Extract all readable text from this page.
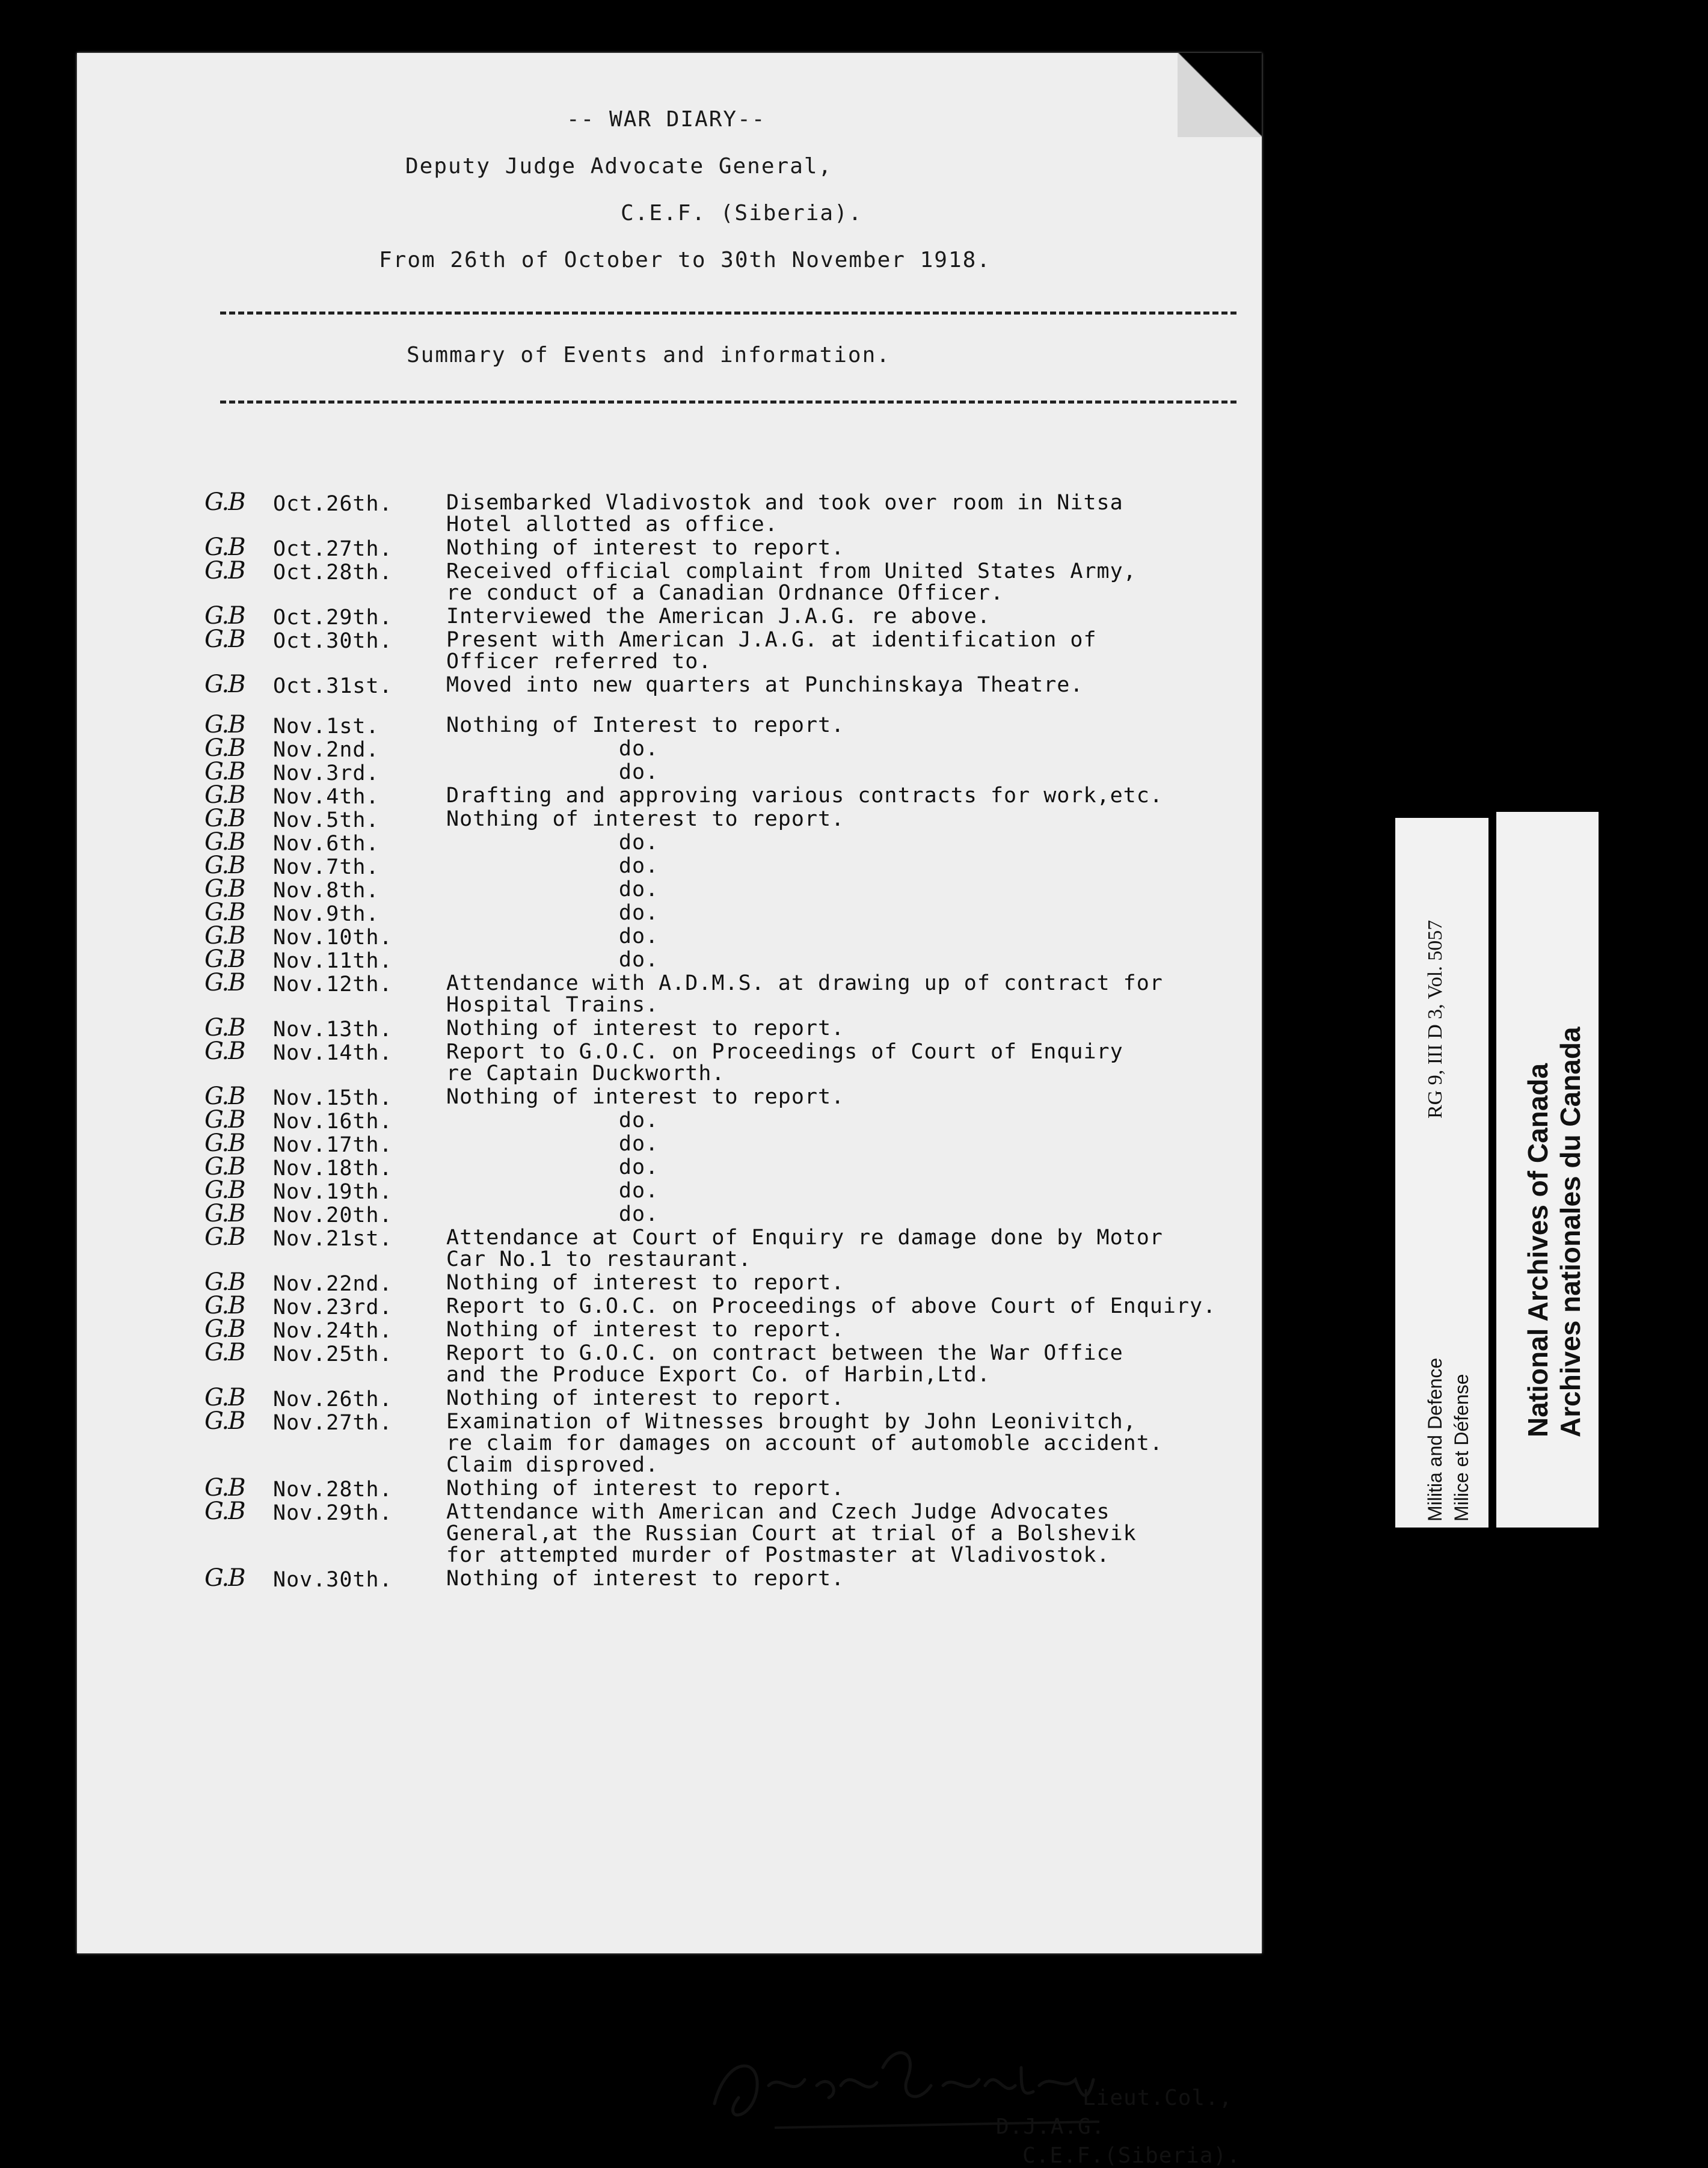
-- WAR DIARY--
Deputy Judge Advocate General,
C.E.F. (Siberia).
From 26th of October to 30th November 1918.
Summary of Events and information.
G.B Oct.26th.	Disembarked Vladivostok and took over room in Nitsa
Hotel allotted as office.
G.B Oct.27th.	Nothing of interest to report.
G.B Oct.28th.	Received official complaint from United States Army,
re conduct of a Canadian Ordnance Officer.
G.B Oct.29th.	Interviewed the American J.A.G. re above.
G.B Oct.30th.	Present with American J.A.G. at identification of
Officer referred to.
G.B Oct.31st.	Moved into new quarters at Punchinskaya Theatre.
G.B Nov.1st.	Nothing of Interest to report.
G.B Nov.2nd.	do.
G.B Nov.3rd.	do.
G.B Nov.4th.	Drafting and approving various contracts for work,etc.
G.B Nov.5th.	Nothing of interest to report.
G.B Nov.6th.	do.
G.B Nov.7th.	do.
G.B Nov.8th.	do.
G.B Nov.9th.	do.
G.B Nov.10th.	do.
G.B Nov.11th.	do.
G.B Nov.12th.	Attendance with A.D.M.S. at drawing up of contract for
Hospital Trains.
G.B Nov.13th.	Nothing of interest to report.
G.B Nov.14th.	Report to G.O.C. on Proceedings of Court of Enquiry
re Captain Duckworth.
G.B Nov.15th.	Nothing of interest to report.
G.B Nov.16th.	do.
G.B Nov.17th.	do.
G.B Nov.18th.	do.
G.B Nov.19th.	do.
G.B Nov.20th.	do.
G.B Nov.21st.	Attendance at Court of Enquiry re damage done by Motor
Car No.1 to restaurant.
G.B Nov.22nd.	Nothing of interest to report.
G.B Nov.23rd.	Report to G.O.C. on Proceedings of above Court of Enquiry.
G.B Nov.24th.	Nothing of interest to report.
G.B Nov.25th.	Report to G.O.C. on contract between the War Office
and the Produce Export Co. of Harbin,Ltd.
G.B Nov.26th.	Nothing of interest to report.
G.B Nov.27th.	Examination of Witnesses brought by John Leonivitch,
re claim for damages on account of automoble accident.
Claim disproved.
G.B Nov.28th.	Nothing of interest to report.
G.B Nov.29th.	Attendance with American and Czech Judge Advocates
General,at the Russian Court at trial of a Bolshevik
for attempted murder of Postmaster at Vladivostok.
G.B Nov.30th.	Nothing of interest to report.
Lieut.Col.,
D.J.A.G.
C.E.F.(Siberia).
RG 9, III D 3, Vol. 5057
Militia and Defence Milice et Défense
National Archives of Canada Archives nationales du Canada
